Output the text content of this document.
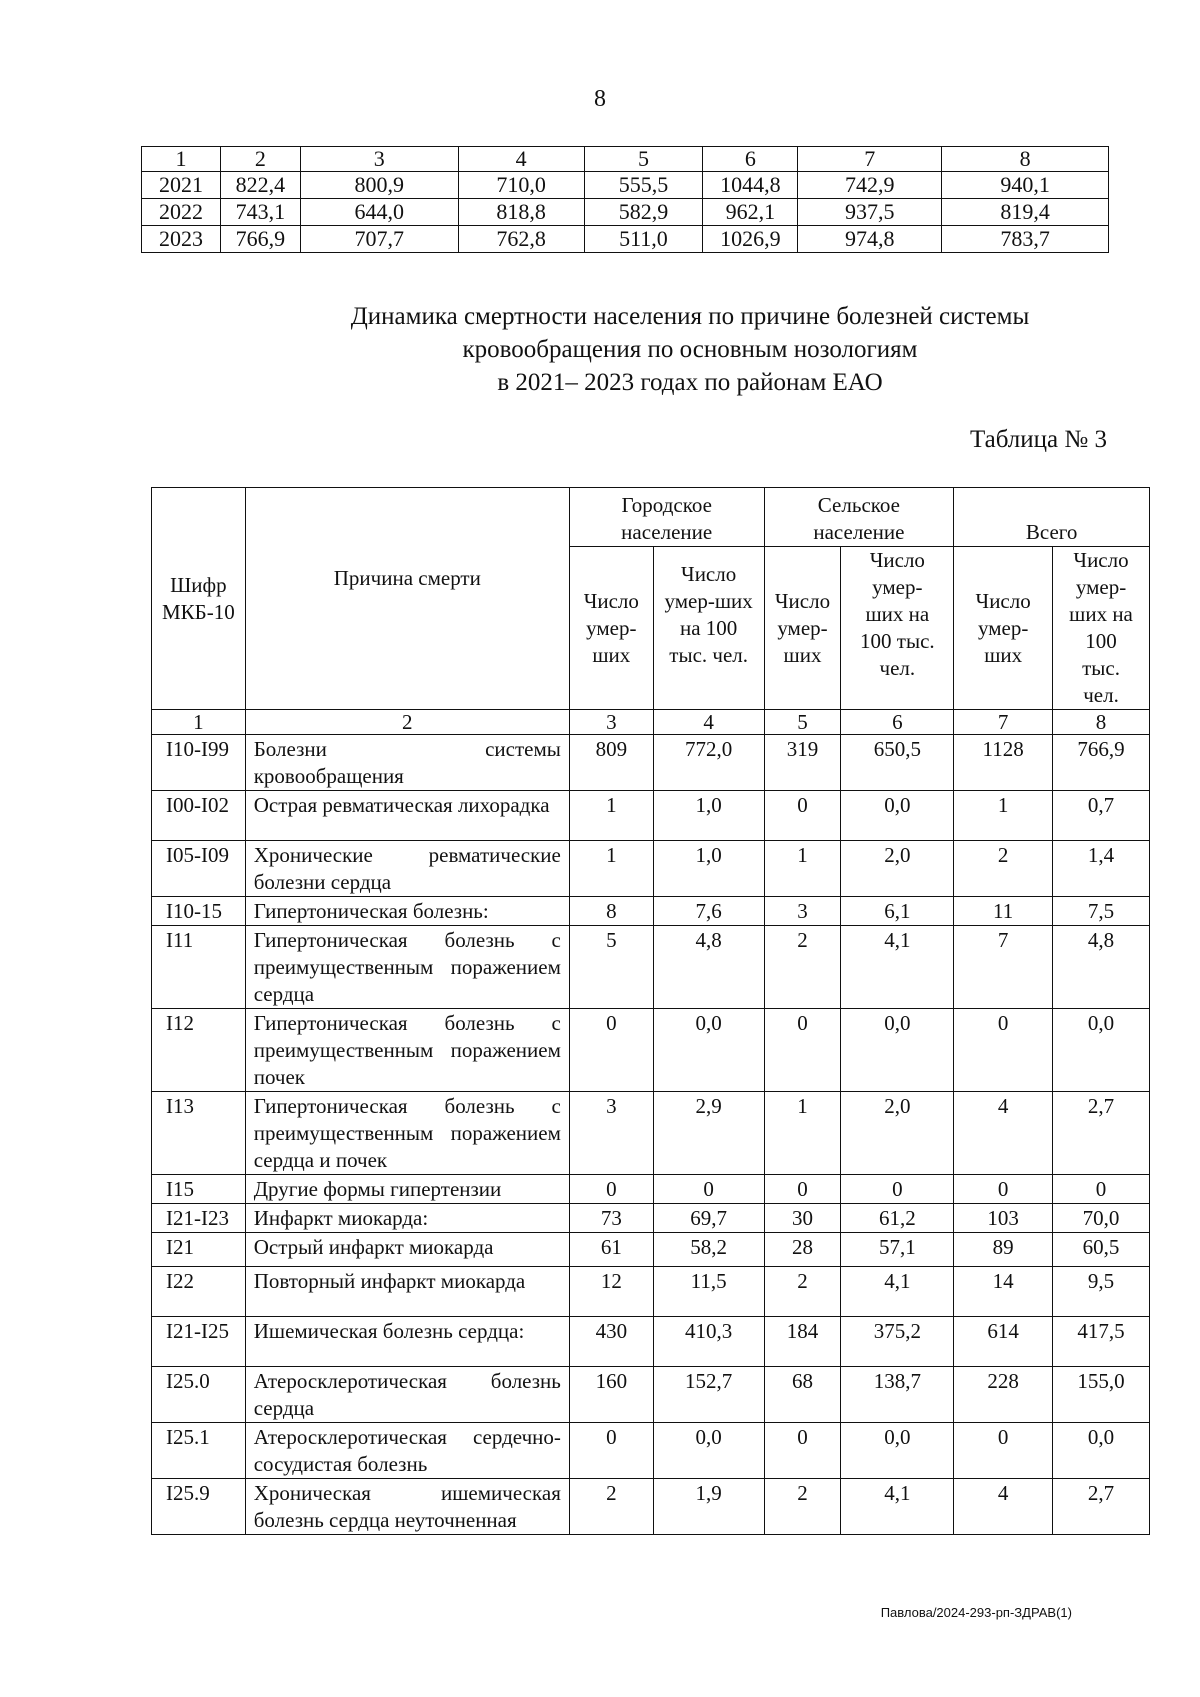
8
1	2	3	4	5	6	7	8
2021	822,4	800,9	710,0	555,5	1044,8	742,9	940,1
2022	743,1	644,0	818,8	582,9	962,1	937,5	819,4
2023	766,9	707,7	762,8	511,0	1026,9	974,8	783,7
Динамика смертности населения по причине болезней системы
кровообращения по основным нозологиям
в 2021– 2023 годах по районам ЕАО
Таблица № 3
Шифр МКБ-10	Причина смерти	Городское население		Сельское население		Всего	
		Число умер-ших	Число умер-ших на 100 тыс. чел.	Число умер-ших	Число умер-ших на 100 тыс. чел.	Число умер-ших	Число умер-ших на 100 тыс. чел.
1	2	3	4	5	6	7	8
I10-I99	Болезни системы кровообращения	809	772,0	319	650,5	1128	766,9
I00-I02	Острая ревматическая лихорадка	1	1,0	0	0,0	1	0,7
I05-I09	Хронические ревматические болезни сердца	1	1,0	1	2,0	2	1,4
I10-15	Гипертоническая болезнь:	8	7,6	3	6,1	11	7,5
I11	Гипертоническая болезнь с преимущественным поражением сердца	5	4,8	2	4,1	7	4,8
I12	Гипертоническая болезнь с преимущественным поражением почек	0	0,0	0	0,0	0	0,0
I13	Гипертоническая болезнь с преимущественным поражением сердца и почек	3	2,9	1	2,0	4	2,7
I15	Другие формы гипертензии	0	0	0	0	0	0
I21-I23	Инфаркт миокарда:	73	69,7	30	61,2	103	70,0
I21	Острый инфаркт миокарда	61	58,2	28	57,1	89	60,5
I22	Повторный инфаркт миокарда	12	11,5	2	4,1	14	9,5
I21-I25	Ишемическая болезнь сердца:	430	410,3	184	375,2	614	417,5
I25.0	Атеросклеротическая болезнь сердца	160	152,7	68	138,7	228	155,0
I25.1	Атеросклеротическая сердечно-сосудистая болезнь	0	0,0	0	0,0	0	0,0
I25.9	Хроническая ишемическая болезнь сердца неуточненная	2	1,9	2	4,1	4	2,7
Павлова/2024-293-рп-ЗДРАВ(1)
